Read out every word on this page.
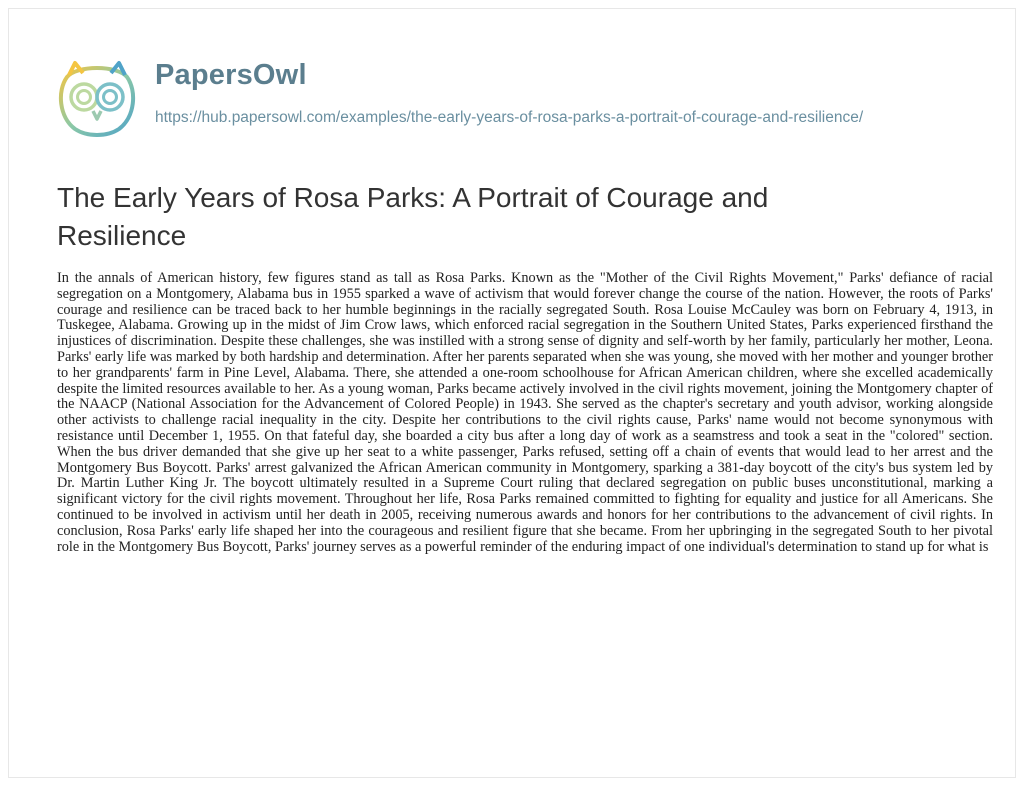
PapersOwl
https://hub.papersowl.com/examples/the-early-years-of-rosa-parks-a-portrait-of-courage-and-resilience/
The Early Years of Rosa Parks: A Portrait of Courage and Resilience

In the annals of American history, few figures stand as tall as Rosa Parks. Known as the "Mother of the Civil Rights Movement," Parks' defiance of racial segregation on a Montgomery, Alabama bus in 1955 sparked a wave of activism that would forever change the course of the nation. However, the roots of Parks' courage and resilience can be traced back to her humble beginnings in the racially segregated South. Rosa Louise McCauley was born on February 4, 1913, in Tuskegee, Alabama. Growing up in the midst of Jim Crow laws, which enforced racial segregation in the Southern United States, Parks experienced firsthand the injustices of discrimination. Despite these challenges, she was instilled with a strong sense of dignity and self-worth by her family, particularly her mother, Leona. Parks' early life was marked by both hardship and determination. After her parents separated when she was young, she moved with her mother and younger brother to her grandparents' farm in Pine Level, Alabama. There, she attended a one-room schoolhouse for African American children, where she excelled academically despite the limited resources available to her. As a young woman, Parks became actively involved in the civil rights movement, joining the Montgomery chapter of the NAACP (National Association for the Advancement of Colored People) in 1943. She served as the chapter's secretary and youth advisor, working alongside other activists to challenge racial inequality in the city. Despite her contributions to the civil rights cause, Parks' name would not become synonymous with resistance until December 1, 1955. On that fateful day, she boarded a city bus after a long day of work as a seamstress and took a seat in the "colored" section. When the bus driver demanded that she give up her seat to a white passenger, Parks refused, setting off a chain of events that would lead to her arrest and the Montgomery Bus Boycott. Parks' arrest galvanized the African American community in Montgomery, sparking a 381-day boycott of the city's bus system led by Dr. Martin Luther King Jr. The boycott ultimately resulted in a Supreme Court ruling that declared segregation on public buses unconstitutional, marking a significant victory for the civil rights movement. Throughout her life, Rosa Parks remained committed to fighting for equality and justice for all Americans. She continued to be involved in activism until her death in 2005, receiving numerous awards and honors for her contributions to the advancement of civil rights. In conclusion, Rosa Parks' early life shaped her into the courageous and resilient figure that she became. From her upbringing in the segregated South to her pivotal role in the Montgomery Bus Boycott, Parks' journey serves as a powerful reminder of the enduring impact of one individual's determination to stand up for what is
